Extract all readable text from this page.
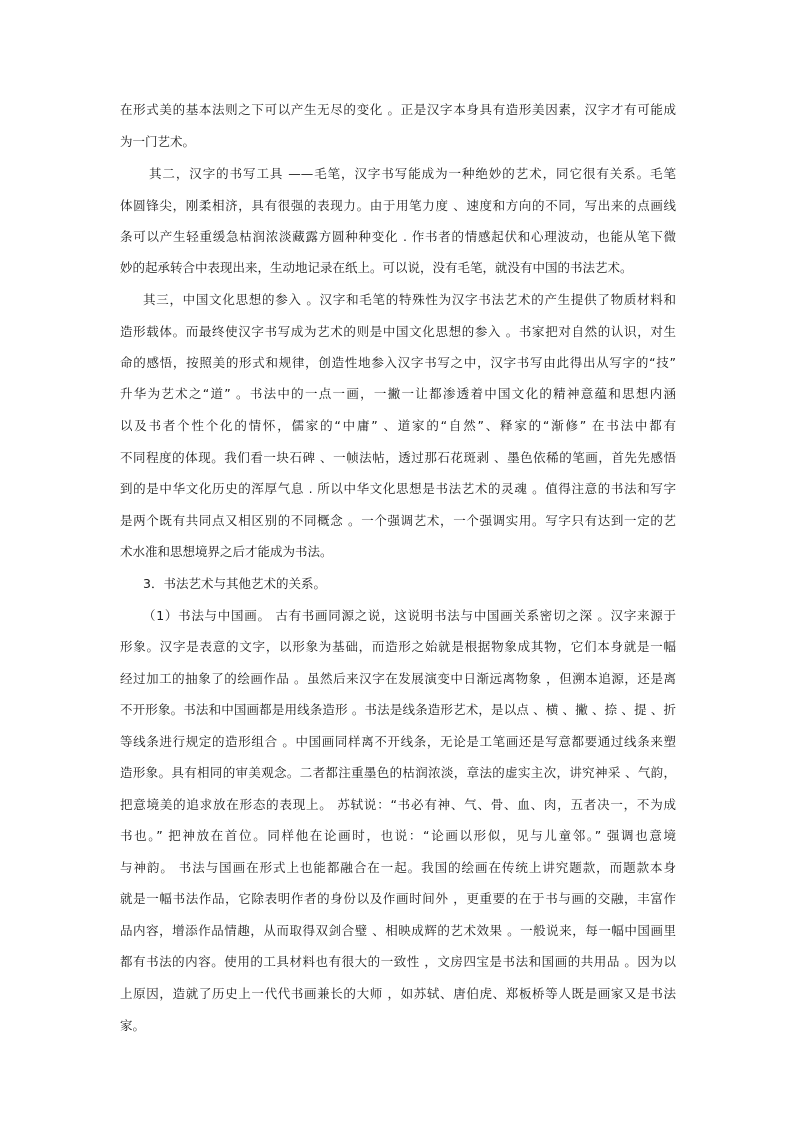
在形式美的基本法则之下可以产生无尽的变化 。正是汉字本身具有造形美因素，汉字才有可能成
为一门艺术。
其二，汉字的书写工具 ——毛笔，汉字书写能成为一种绝妙的艺术，同它很有关系。毛笔
体圆锋尖，刚柔相济，具有很强的表现力。由于用笔力度 、速度和方向的不同，写出来的点画线
条可以产生轻重缓急枯润浓淡藏露方圆种种变化 . 作书者的情感起伏和心理波动，也能从笔下微
妙的起承转合中表现出来，生动地记录在纸上。可以说，没有毛笔，就没有中国的书法艺术。
其三，中国文化思想的参入 。汉字和毛笔的特殊性为汉字书法艺术的产生提供了物质材料和
造形载体。而最终使汉字书写成为艺术的则是中国文化思想的参入 。书家把对自然的认识，对生
命的感悟，按照美的形式和规律，创造性地参入汉字书写之中，汉字书写由此得出从写字的“技”
升华为艺术之“道” 。书法中的一点一画，一撇一让都渗透着中国文化的精神意蕴和思想内涵
以及书者个性个化的情怀，儒家的“中庸” 、道家的“自然”、释家的“渐修” 在书法中都有
不同程度的体现。我们看一块石碑 、一帧法帖，透过那石花斑剥 、墨色依稀的笔画，首先先感悟
到的是中华文化历史的浑厚气息 . 所以中华文化思想是书法艺术的灵魂 。值得注意的书法和写字
是两个既有共同点又相区别的不同概念 。一个强调艺术，一个强调实用。写字只有达到一定的艺
术水准和思想境界之后才能成为书法。
3．书法艺术与其他艺术的关系。
（1）书法与中国画。 古有书画同源之说，这说明书法与中国画关系密切之深 。汉字来源于
形象。汉字是表意的文字，以形象为基础，而造形之始就是根据物象成其物，它们本身就是一幅
经过加工的抽象了的绘画作品 。虽然后来汉字在发展演变中日渐远离物象 ，但溯本追源，还是离
不开形象。书法和中国画都是用线条造形 。书法是线条造形艺术，是以点 、横 、撇 、捺 、提 、折
等线条进行规定的造形组合 。中国画同样离不开线条，无论是工笔画还是写意都要通过线条来塑
造形象。具有相同的审美观念。二者都注重墨色的枯润浓淡，章法的虚实主次，讲究神采 、气韵，
把意境美的追求放在形态的表现上。 苏轼说：“书必有神、气、骨、血、肉，五者决一，不为成
书也。” 把神放在首位。同样他在论画时，也说：“论画以形似，见与儿童邻。” 强调也意境
与神韵。 书法与国画在形式上也能都融合在一起。我国的绘画在传统上讲究题款，而题款本身
就是一幅书法作品，它除表明作者的身份以及作画时间外 ，更重要的在于书与画的交融，丰富作
品内容，增添作品情趣，从而取得双剑合璧 、相映成辉的艺术效果 。一般说来，每一幅中国画里
都有书法的内容。使用的工具材料也有很大的一致性 ，文房四宝是书法和国画的共用品 。因为以
上原因，造就了历史上一代代书画兼长的大师 ，如苏轼、唐伯虎、郑板桥等人既是画家又是书法
家。
